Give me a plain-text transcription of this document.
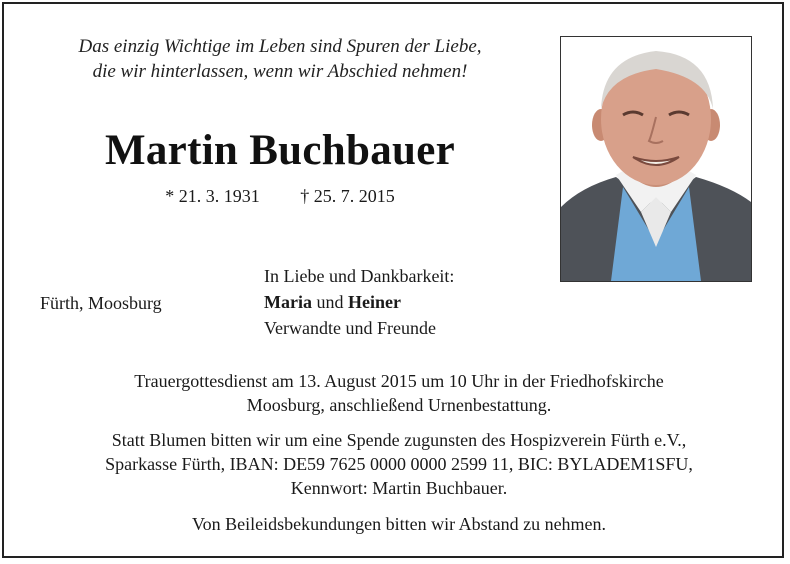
Das einzig Wichtige im Leben sind Spuren der Liebe,
die wir hinterlassen, wenn wir Abschied nehmen!
Martin Buchbauer
* 21. 3. 1931 † 25. 7. 2015
In Liebe und Dankbarkeit:
Maria und Heiner
Verwandte und Freunde
Fürth, Moosburg
Trauergottesdienst am 13. August 2015 um 10 Uhr in der Friedhofskirche
Moosburg, anschließend Urnenbestattung.
Statt Blumen bitten wir um eine Spende zugunsten des Hospizverein Fürth e.V.,
Sparkasse Fürth, IBAN: DE59 7625 0000 0000 2599 11, BIC: BYLADEM1SFU,
Kennwort: Martin Buchbauer.
Von Beileidsbekundungen bitten wir Abstand zu nehmen.
